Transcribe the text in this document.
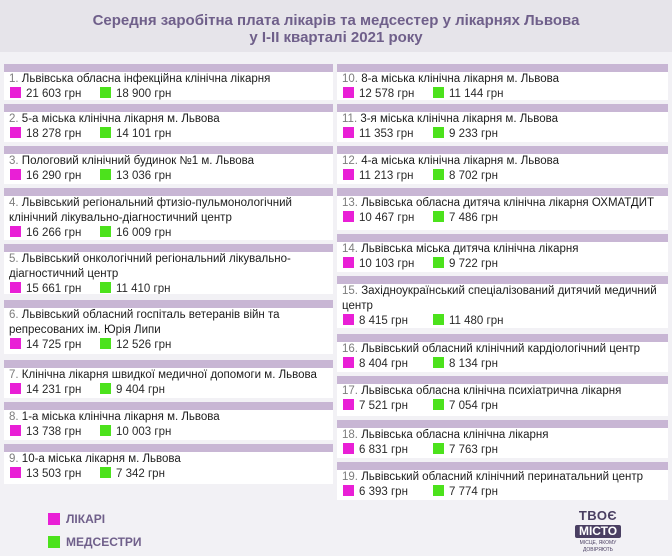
Середня заробітна плата лікарів та медсестер у лікарнях Львова
у І-ІІ кварталі 2021 року
1. Львівська обласна інфекційна клінічна лікарня
21 603 грн	18 900 грн
2. 5-а міська клінічна лікарня м. Львова
18 278 грн	14 101 грн
3. Пологовий клінічний будинок №1 м. Львова
16 290 грн	13 036 грн
4. Львівський регіональний фтизіо-пульмонологічний клінічний лікувально-діагностичний центр
16 266 грн	16 009 грн
5. Львівський онкологічний регіональний лікувально-діагностичний центр
15 661 грн	11 410 грн
6. Львівський обласний госпіталь ветеранів війн та репресованих ім. Юрія Липи
14 725 грн	12 526 грн
7. Клінічна лікарня швидкої медичної допомоги м. Львова
14 231 грн	9 404 грн
8. 1-а міська клінічна лікарня м. Львова
13 738 грн	10 003 грн
9. 10-а міська лікарня м. Львова
13 503 грн	7 342 грн
10. 8-а міська клінічна лікарня м. Львова
12 578 грн	11 144 грн
11. 3-я міська клінічна лікарня м. Львова
11 353 грн	9 233 грн
12. 4-а міська клінічна лікарня м. Львова
11 213 грн	8 702 грн
13. Львівська обласна дитяча клінічна лікарня ОХМАТДИТ
10 467 грн	7 486 грн
14. Львівська міська дитяча клінічна лікарня
10 103 грн	9 722 грн
15. Західноукраїнський спеціалізований дитячий медичний центр
8 415 грн	11 480 грн
16. Львівський обласний клінічний кардіологічний центр
8 404 грн	8 134 грн
17. Львівська обласна клінічна психіатрична лікарня
7 521 грн	7 054 грн
18. Львівська обласна клінічна лікарня
6 831 грн	7 763 грн
19. Львівський обласний клінічний перинатальний центр
6 393 грн	7 774 грн
ЛІКАРІ
МЕДСЕСТРИ
ТВОЄ
МІСТО
МІСЦЕ, ЯКОМУ ДОВІРЯЮТЬ
